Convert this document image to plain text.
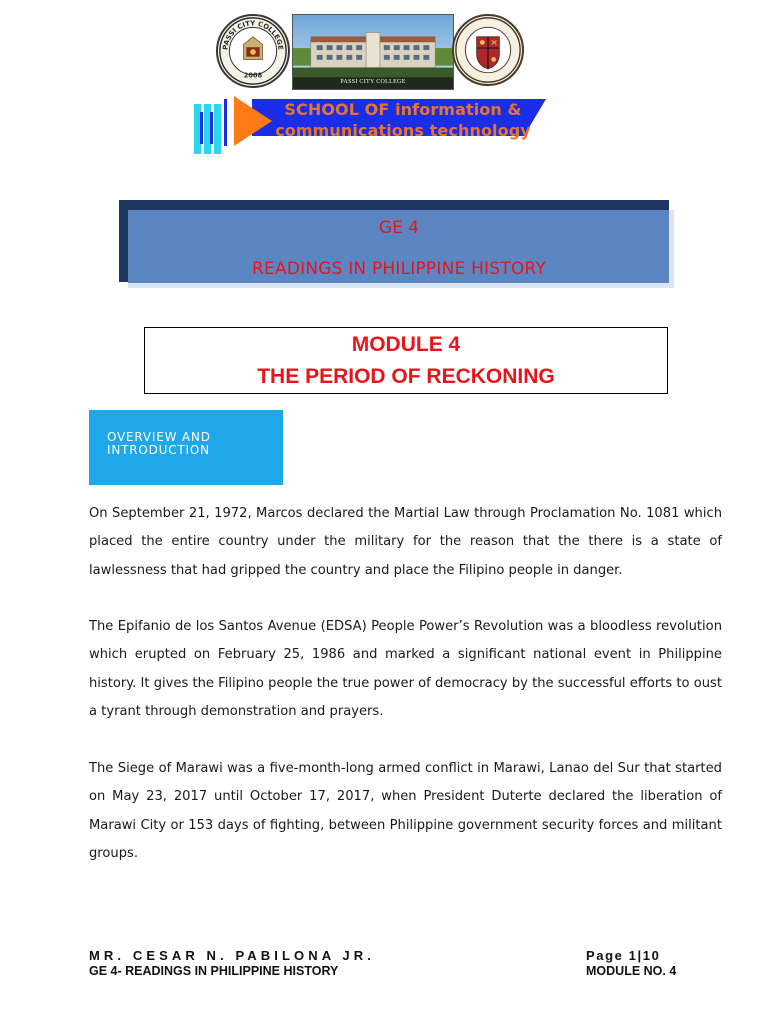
PASSI CITY COLLEGE
2008
PASSI CITY COLLEGE
SCHOOL OF information & communications technology
GE 4
READINGS IN PHILIPPINE HISTORY
MODULE 4
THE PERIOD OF RECKONING
OVERVIEW AND
INTRODUCTION

On September 21, 1972, Marcos declared the Martial Law through Proclamation No. 1081 which placed the entire country under the military for the reason that the there is a state of lawlessness that had gripped the country and place the Filipino people in danger.

The Epifanio de los Santos Avenue (EDSA) People Power’s Revolution was a bloodless revolution which erupted on February 25, 1986 and marked a significant national event in Philippine history. It gives the Filipino people the true power of democracy by the successful efforts to oust a tyrant through demonstration and prayers.

The Siege of Marawi was a five-month-long armed conflict in Marawi, Lanao del Sur that started on May 23, 2017 until October 17, 2017, when President Duterte declared the liberation of Marawi City or 153 days of fighting, between Philippine government security forces and militant groups.

MR. CESAR N. PABILONA JR.
GE 4- READINGS IN PHILIPPINE HISTORY
Page 1|10
MODULE NO. 4
